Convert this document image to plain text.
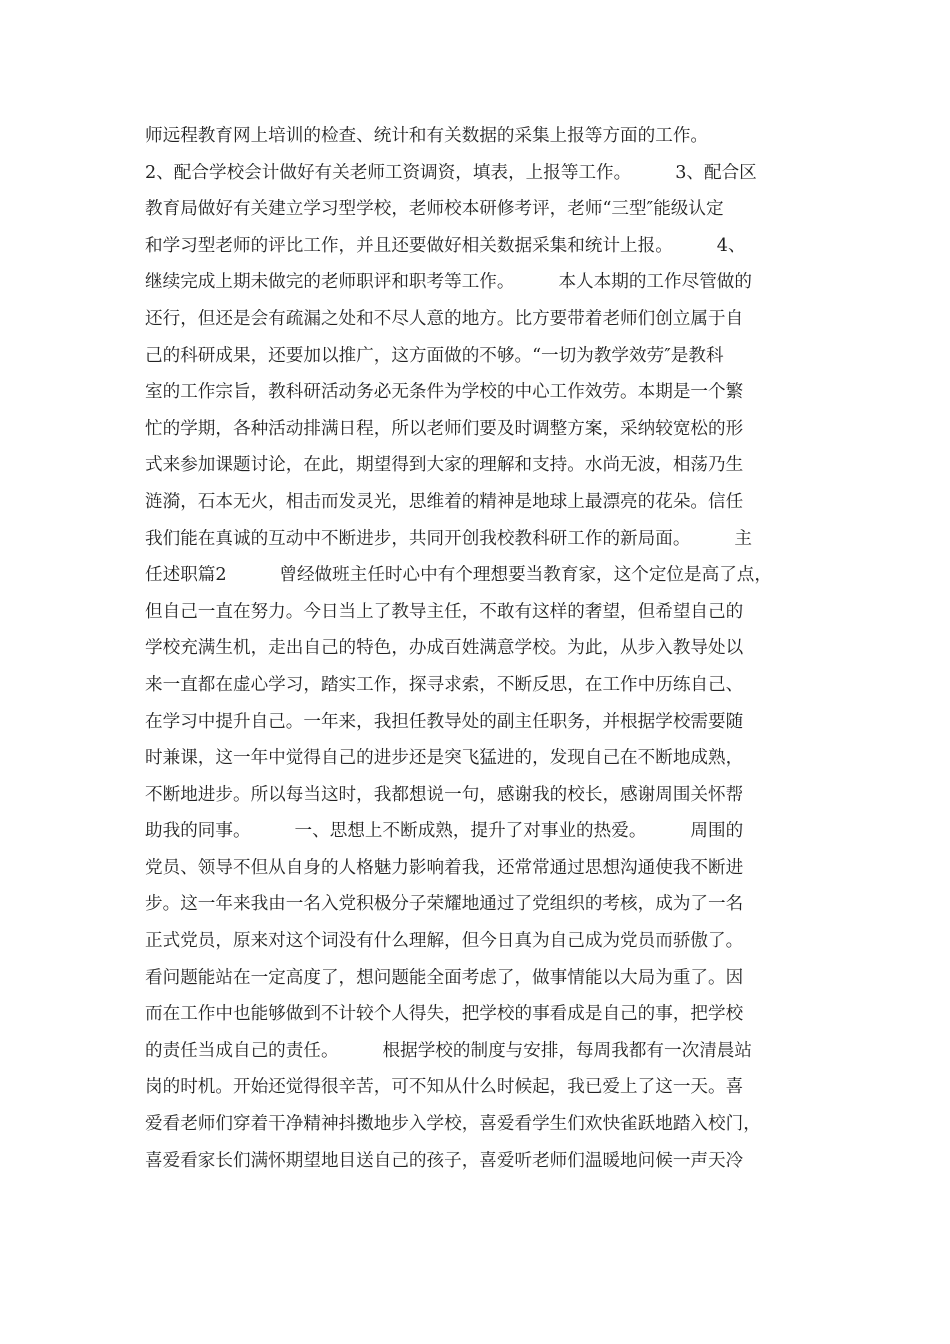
师远程教育网上培训的检查、统计和有关数据的采集上报等方面的工作。
2、配合学校会计做好有关老师工资调资，填表，上报等工作。　　　3、配合区
教育局做好有关建立学习型学校，老师校本研修考评，老师“三型″能级认定
和学习型老师的评比工作，并且还要做好相关数据采集和统计上报。　　　4、
继续完成上期未做完的老师职评和职考等工作。　　　本人本期的工作尽管做的
还行，但还是会有疏漏之处和不尽人意的地方。比方要带着老师们创立属于自
己的科研成果，还要加以推广，这方面做的不够。“一切为教学效劳″是教科
室的工作宗旨，教科研活动务必无条件为学校的中心工作效劳。本期是一个繁
忙的学期，各种活动排满日程，所以老师们要及时调整方案，采纳较宽松的形
式来参加课题讨论，在此，期望得到大家的理解和支持。水尚无波，相荡乃生
涟漪，石本无火，相击而发灵光，思维着的精神是地球上最漂亮的花朵。信任
我们能在真诚的互动中不断进步，共同开创我校教科研工作的新局面。　　　主
任述职篇2　　　曾经做班主任时心中有个理想要当教育家，这个定位是高了点，
但自己一直在努力。今日当上了教导主任，不敢有这样的奢望，但希望自己的
学校充满生机，走出自己的特色，办成百姓满意学校。为此，从步入教导处以
来一直都在虚心学习，踏实工作，探寻求索，不断反思，在工作中历练自己、
在学习中提升自己。一年来，我担任教导处的副主任职务，并根据学校需要随
时兼课，这一年中觉得自己的进步还是突飞猛进的，发现自己在不断地成熟，
不断地进步。所以每当这时，我都想说一句，感谢我的校长，感谢周围关怀帮
助我的同事。　　　一、思想上不断成熟，提升了对事业的热爱。　　　周围的
党员、领导不但从自身的人格魅力影响着我，还常常通过思想沟通使我不断进
步。这一年来我由一名入党积极分子荣耀地通过了党组织的考核，成为了一名
正式党员，原来对这个词没有什么理解，但今日真为自己成为党员而骄傲了。
看问题能站在一定高度了，想问题能全面考虑了，做事情能以大局为重了。因
而在工作中也能够做到不计较个人得失，把学校的事看成是自己的事，把学校
的责任当成自己的责任。　　　根据学校的制度与安排，每周我都有一次清晨站
岗的时机。开始还觉得很辛苦，可不知从什么时候起，我已爱上了这一天。喜
爱看老师们穿着干净精神抖擞地步入学校，喜爱看学生们欢快雀跃地踏入校门，
喜爱看家长们满怀期望地目送自己的孩子，喜爱听老师们温暖地问候一声天冷
